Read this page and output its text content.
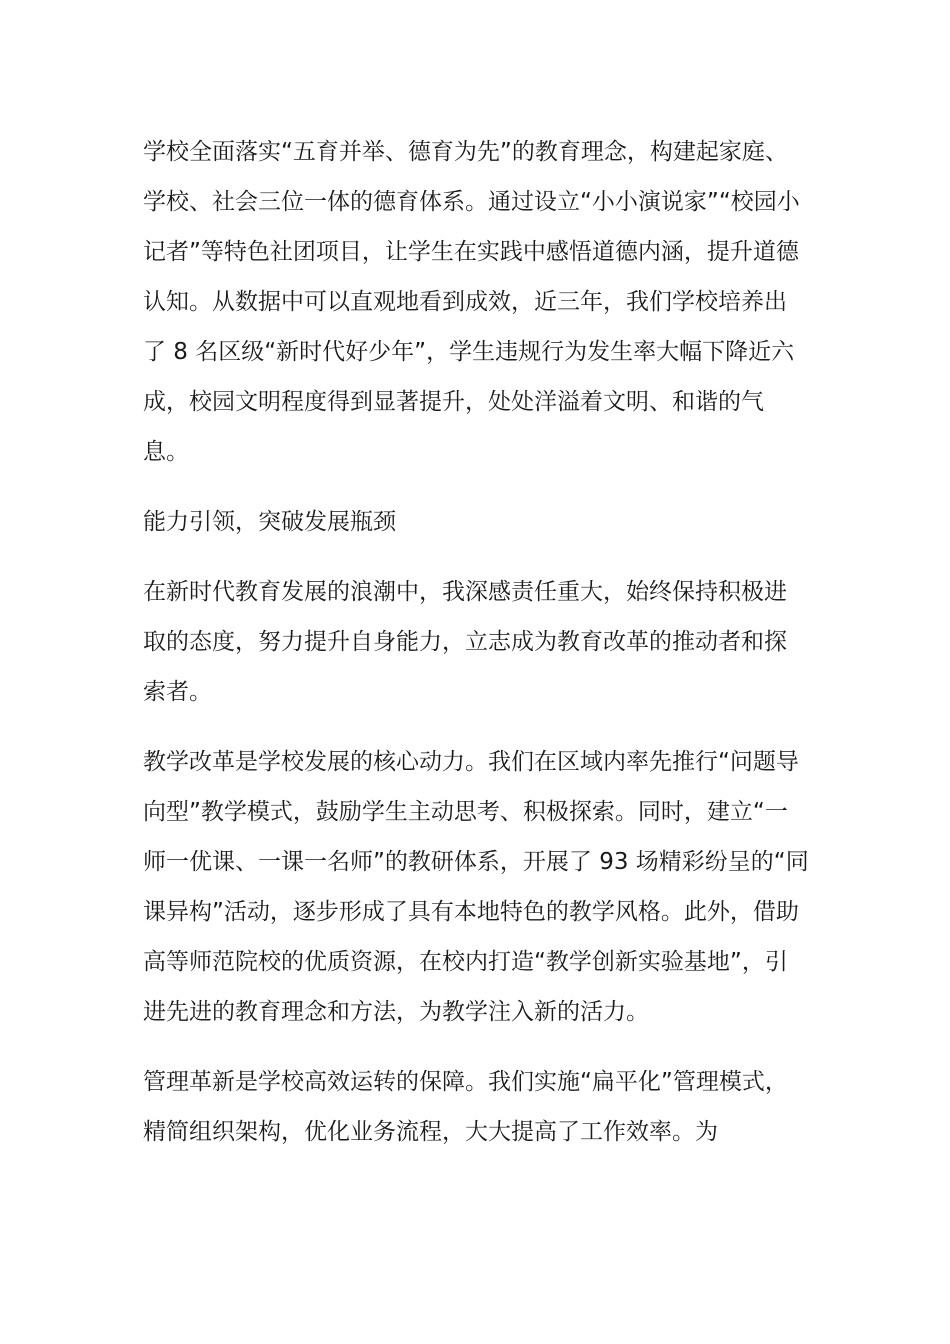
学校全面落实“五育并举、德育为先”的教育理念，构建起家庭、学校、社会三位一体的德育体系。通过设立“小小演说家”“校园小记者”等特色社团项目，让学生在实践中感悟道德内涵，提升道德认知。从数据中可以直观地看到成效，近三年，我们学校培养出了 8 名区级“新时代好少年”，学生违规行为发生率大幅下降近六成，校园文明程度得到显著提升，处处洋溢着文明、和谐的气息。

能力引领，突破发展瓶颈

在新时代教育发展的浪潮中，我深感责任重大，始终保持积极进取的态度，努力提升自身能力，立志成为教育改革的推动者和探索者。

教学改革是学校发展的核心动力。我们在区域内率先推行“问题导向型”教学模式，鼓励学生主动思考、积极探索。同时，建立“一师一优课、一课一名师”的教研体系，开展了 93 场精彩纷呈的“同课异构”活动，逐步形成了具有本地特色的教学风格。此外，借助高等师范院校的优质资源，在校内打造“教学创新实验基地”，引进先进的教育理念和方法，为教学注入新的活力。

管理革新是学校高效运转的保障。我们实施“扁平化”管理模式，精简组织架构，优化业务流程，大大提高了工作效率。为
